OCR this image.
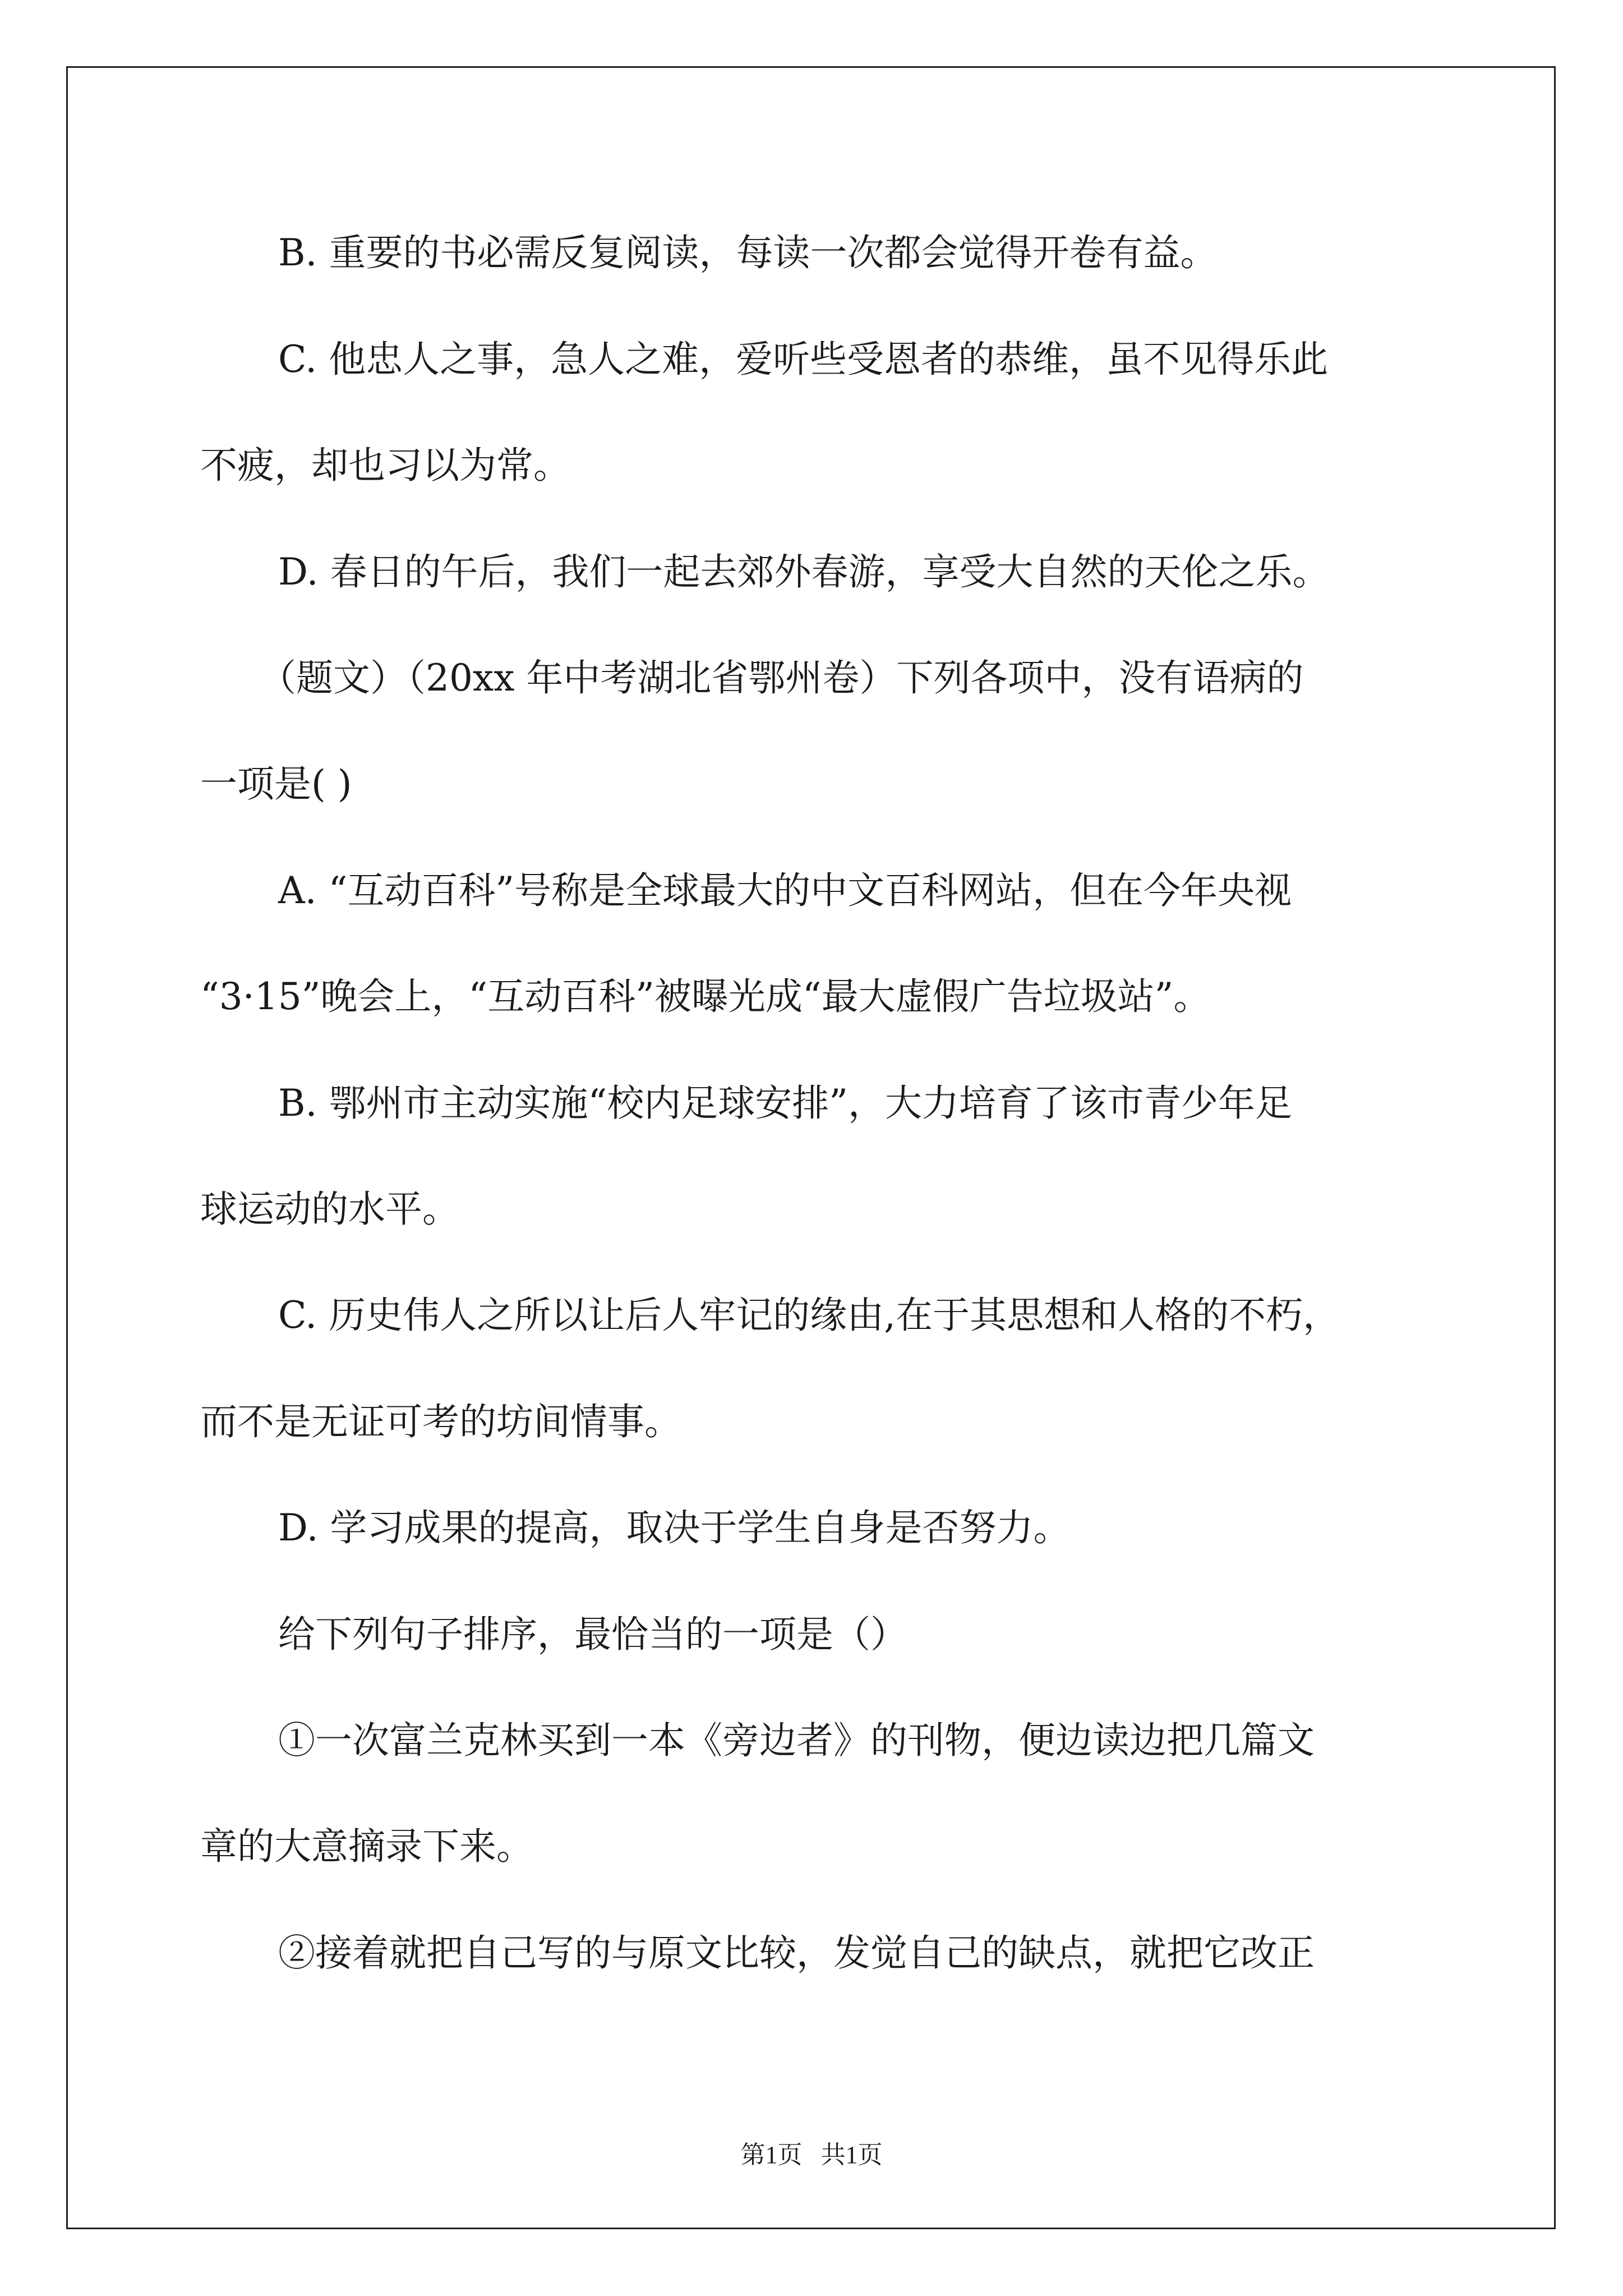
B. 重要的书必需反复阅读，每读一次都会觉得开卷有益。
C. 他忠人之事，急人之难，爱听些受恩者的恭维，虽不见得乐此
不疲，却也习以为常。
D. 春日的午后，我们一起去郊外春游，享受大自然的天伦之乐。
（题文）（20xx 年中考湖北省鄂州卷）下列各项中，没有语病的
一项是( )
A. “互动百科”号称是全球最大的中文百科网站，但在今年央视
“3·15”晚会上，“互动百科”被曝光成“最大虚假广告垃圾站”。
B. 鄂州市主动实施“校内足球安排”，大力培育了该市青少年足
球运动的水平。
C. 历史伟人之所以让后人牢记的缘由,在于其思想和人格的不朽，
而不是无证可考的坊间情事。
D. 学习成果的提高，取决于学生自身是否努力。
给下列句子排序，最恰当的一项是（）
①一次富兰克林买到一本《旁边者》的刊物，便边读边把几篇文
章的大意摘录下来。
②接着就把自己写的与原文比较，发觉自己的缺点，就把它改正
第1页   共1页
